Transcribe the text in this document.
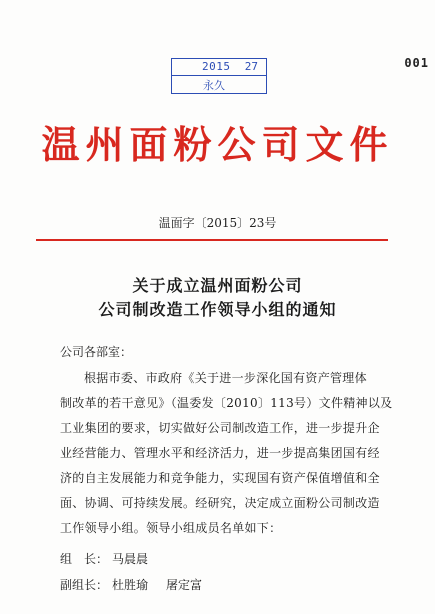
001
2015 27
永久
温州面粉公司文件
温面字〔2015〕23号
关于成立温州面粉公司
公司制改造工作领导小组的通知
公司各部室：
根据市委、市政府《关于进一步深化国有资产管理体
制改革的若干意见》（温委发〔2010〕113号）文件精神以及
工业集团的要求，切实做好公司制改造工作，进一步提升企
业经营能力、管理水平和经济活力，进一步提高集团国有经
济的自主发展能力和竞争能力，实现国有资产保值增值和全
面、协调、可持续发展。经研究，决定成立面粉公司制改造
工作领导小组。领导小组成员名单如下：
组　长： 马晨晨
副组长： 杜胜瑜 屠定富
